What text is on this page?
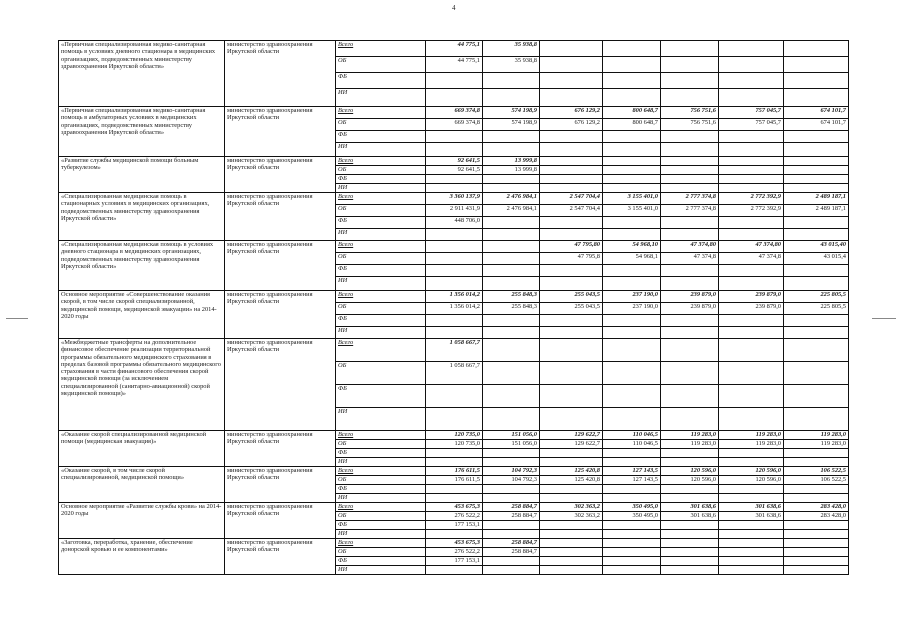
4
«Первичная специализированная медико-санитарная помощь в условиях дневного стационара в медицинских организациях, подведомственных министерству здравоохранения Иркутской области»	министерство здравоохранения Иркутской области	Всего	44 775,1	35 938,8					
		ОБ	44 775,1	35 938,8					
		ФБ							
		ИИ							
«Первичная специализированная медико-санитарная помощь в амбулаторных условиях в медицинских организациях, подведомственных министерству здравоохранения Иркутской области»	министерство здравоохранения Иркутской области	Всего	669 374,8	574 198,9	676 129,2	800 648,7	756 751,6	757 045,7	674 101,7
		ОБ	669 374,8	574 198,9	676 129,2	800 648,7	756 751,6	757 045,7	674 101,7
		ФБ							
		ИИ							
«Развитие службы медицинской помощи больным туберкулезом»	министерство здравоохранения Иркутской области	Всего	92 641,5	13 999,8					
		ОБ	92 641,5	13 999,8					
		ФБ							
		ИИ							
«Специализированная медицинская помощь в стационарных условиях в медицинских организациях, подведомственных министерству здравоохранения Иркутской области»	министерство здравоохранения Иркутской области	Всего	3 360 137,9	2 476 984,1	2 547 704,4	3 155 401,0	2 777 374,8	2 772 392,9	2 489 187,1
		ОБ	2 911 431,9	2 476 984,1	2 547 704,4	3 155 401,0	2 777 374,8	2 772 392,9	2 489 187,1
		ФБ	448 706,0						
		ИИ							
«Специализированная медицинская помощь в условиях дневного стационара в медицинских организациях, подведомственных министерству здравоохранения Иркутской области»	министерство здравоохранения Иркутской области	Всего			47 795,80	54 968,10	47 374,80	47 374,80	43 015,40
		ОБ			47 795,8	54 968,1	47 374,8	47 374,8	43 015,4
		ФБ							
		ИИ							
Основное мероприятие «Совершенствование оказания скорой, в том числе скорой специализированной, медицинской помощи, медицинской эвакуации» на 2014-2020 годы	министерство здравоохранения Иркутской области	Всего	1 356 014,2	255 848,3	255 043,5	237 190,0	239 879,0	239 879,0	225 805,5
		ОБ	1 356 014,2	255 848,3	255 043,5	237 190,0	239 879,0	239 879,0	225 805,5
		ФБ							
		ИИ							
«Межбюджетные трансферты на дополнительное финансовое обеспечение реализации территориальной программы обязательного медицинского страхования в пределах базовой программы обязательного медицинского страхования в части финансового обеспечения скорой медицинской помощи (за исключением специализированной (санитарно-авиационной) скорой медицинской помощи)»	министерство здравоохранения Иркутской области	Всего	1 058 667,7						
		ОБ	1 058 667,7						
		ФБ							
		ИИ							
«Оказание скорой специализированной медицинской помощи (медицинская эвакуация)»	министерство здравоохранения Иркутской области	Всего	120 735,0	151 056,0	129 622,7	110 046,5	119 283,0	119 283,0	119 283,0
		ОБ	120 735,0	151 056,0	129 622,7	110 046,5	119 283,0	119 283,0	119 283,0
		ФБ							
		ИИ							
«Оказание скорой, в том числе скорой специализированной, медицинской помощи»	министерство здравоохранения Иркутской области	Всего	176 611,5	104 792,3	125 420,8	127 143,5	120 596,0	120 596,0	106 522,5
		ОБ	176 611,5	104 792,3	125 420,8	127 143,5	120 596,0	120 596,0	106 522,5
		ФБ							
		ИИ							
Основное мероприятие «Развитие службы крови» на 2014-2020 годы	министерство здравоохранения Иркутской области	Всего	453 675,3	258 884,7	302 363,2	350 495,0	301 638,6	301 638,6	283 428,0
		ОБ	276 522,2	258 884,7	302 363,2	350 495,0	301 638,6	301 638,6	283 428,0
		ФБ	177 153,1						
		ИИ							
«Заготовка, переработка, хранение, обеспечение донорской кровью и ее компонентами»	министерство здравоохранения Иркутской области	Всего	453 675,3	258 884,7					
		ОБ	276 522,2	258 884,7					
		ФБ	177 153,1						
		ИИ							
